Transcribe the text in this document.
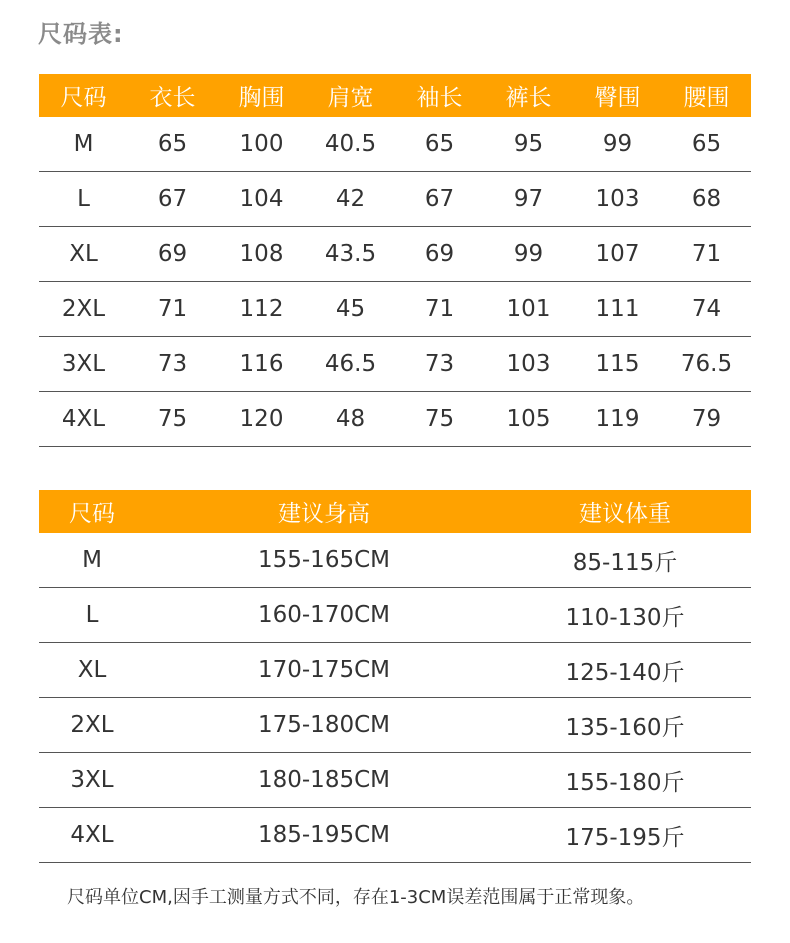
尺码表:
尺码	衣长	胸围	肩宽	袖长	裤长	臀围	腰围
M	65	100	40.5	65	95	99	65
L	67	104	42	67	97	103	68
XL	69	108	43.5	69	99	107	71
2XL	71	112	45	71	101	111	74
3XL	73	116	46.5	73	103	115	76.5
4XL	75	120	48	75	105	119	79
尺码	建议身高	建议体重
M	155-165CM	85-115斤
L	160-170CM	110-130斤
XL	170-175CM	125-140斤
2XL	175-180CM	135-160斤
3XL	180-185CM	155-180斤
4XL	185-195CM	175-195斤
尺码单位CM,因手工测量方式不同，存在1-3CM误差范围属于正常现象。
